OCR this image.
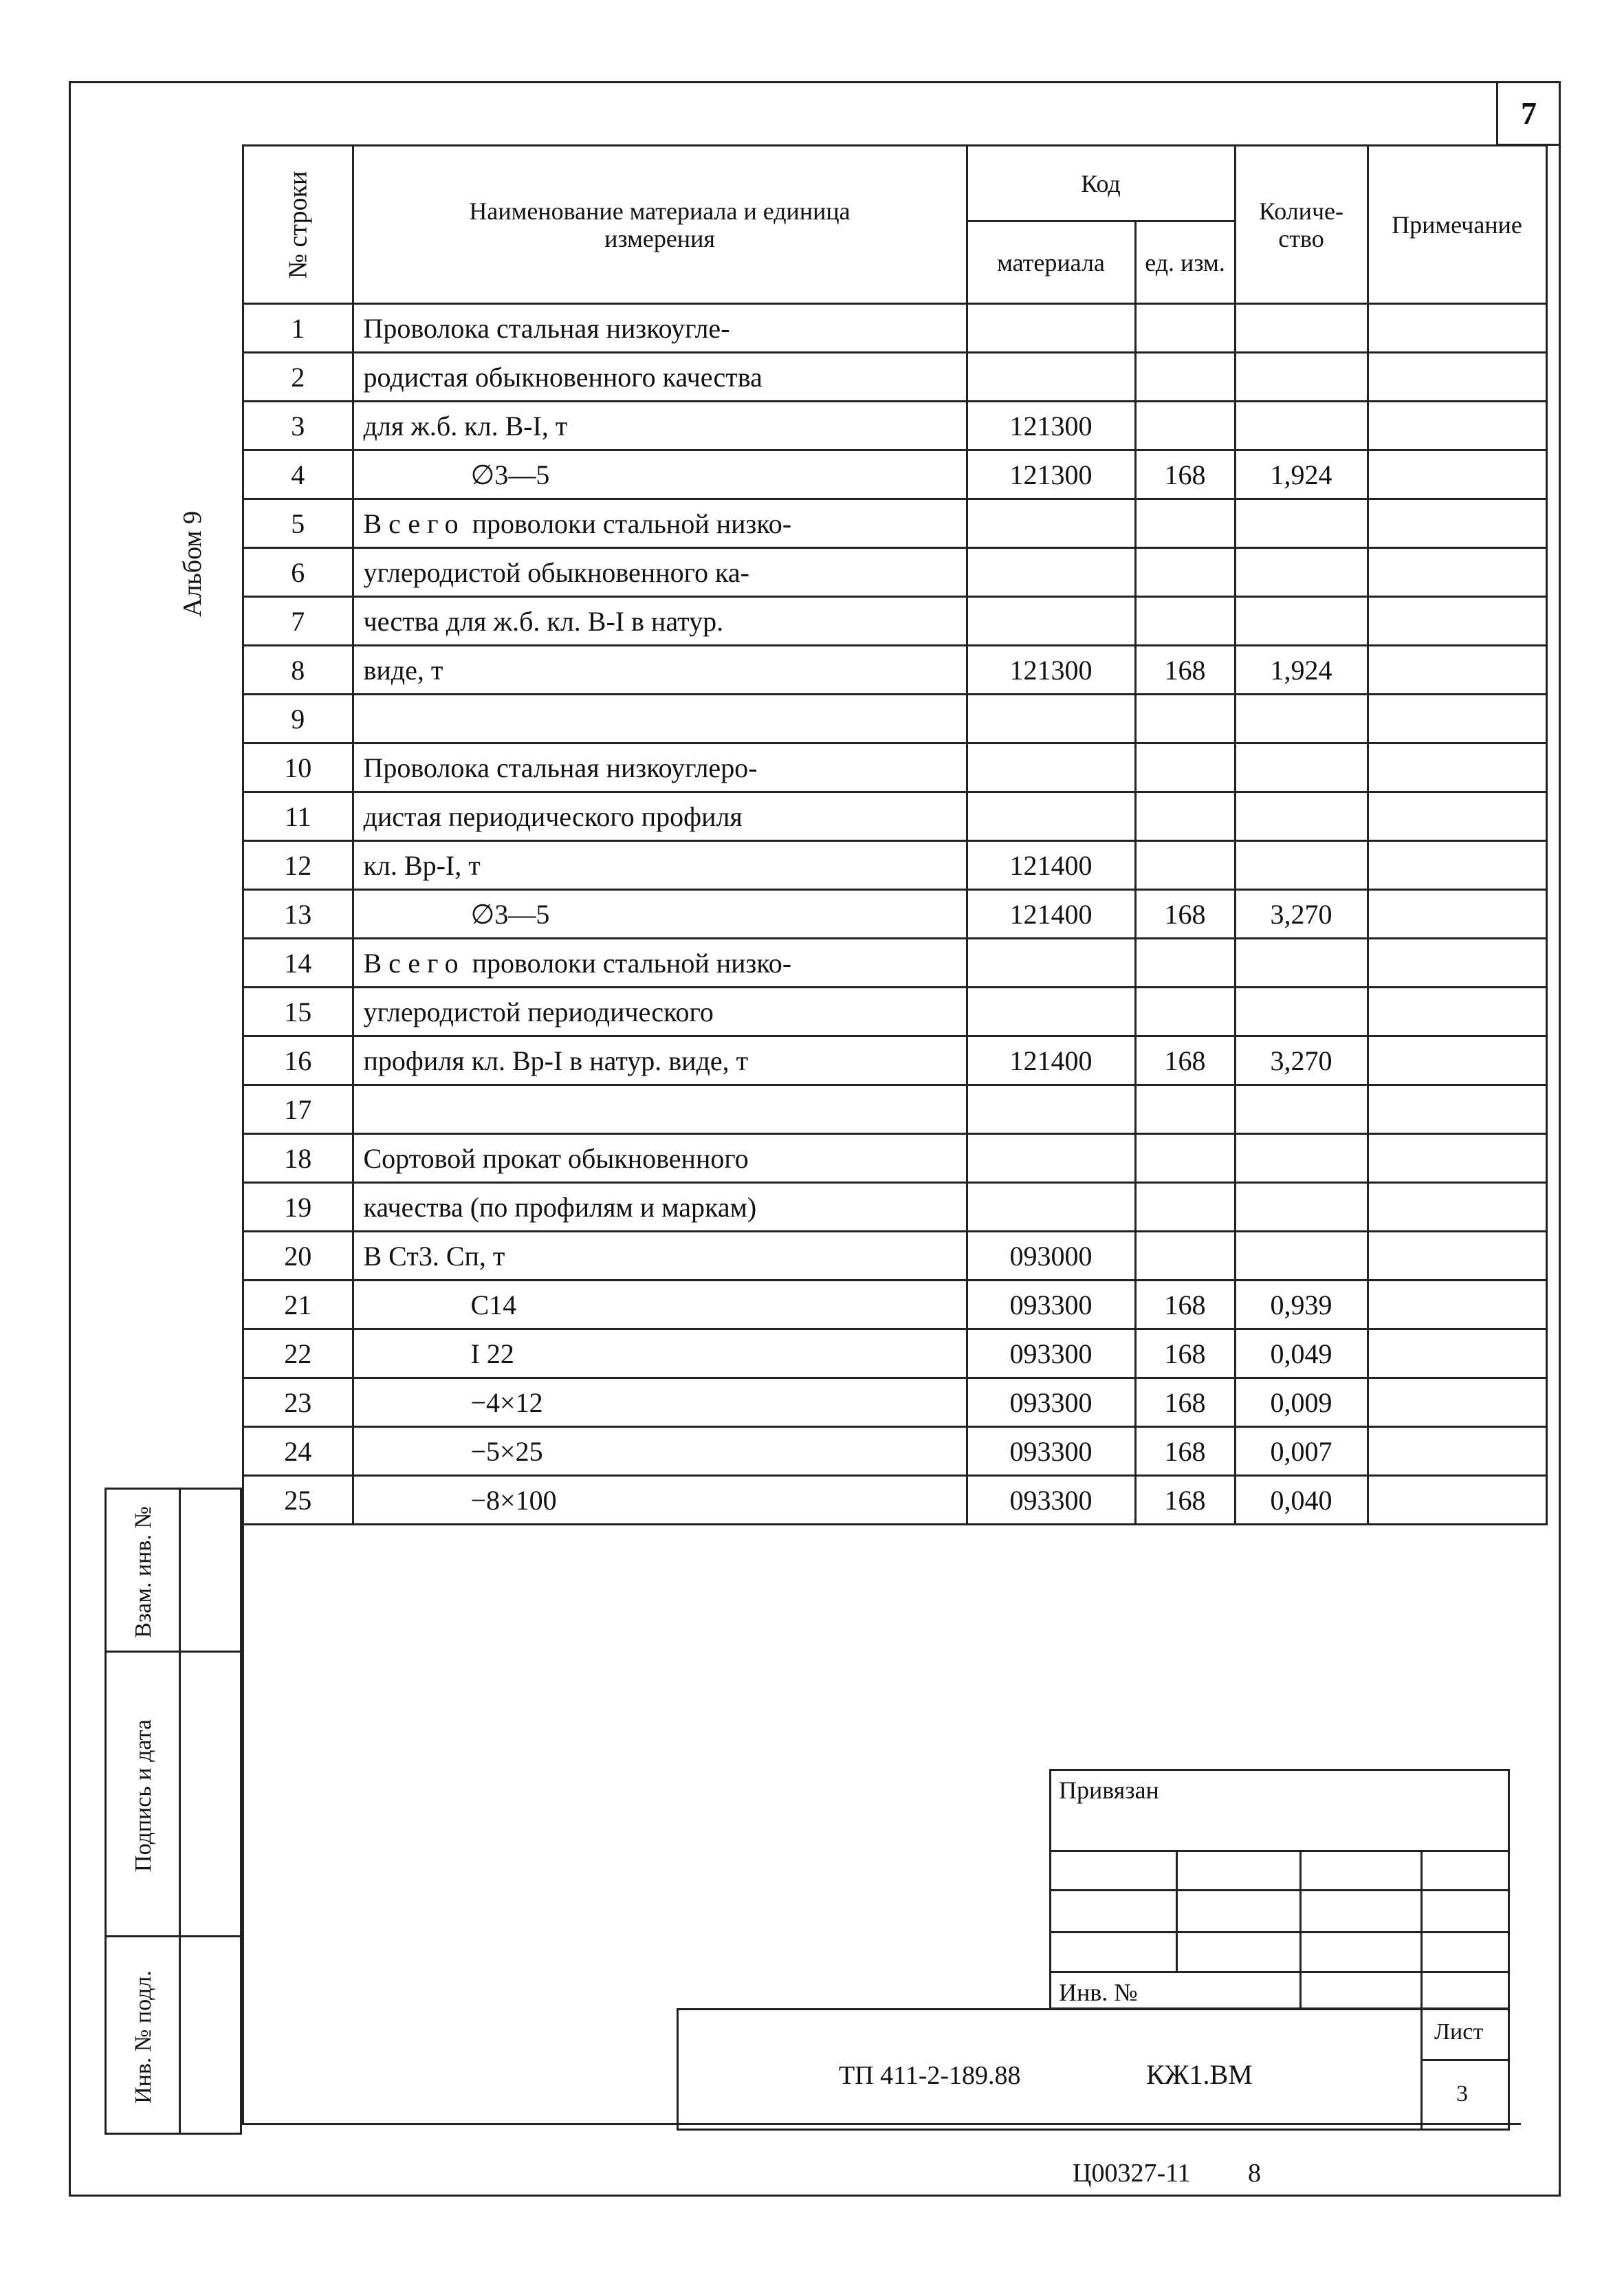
7
Альбом 9
№ строки	Наименование материала и единица измерения	Код		Количе-ство	Примечание
		материала	ед. изм.		
1	Проволока стальная низкоугле-				
2	родистая обыкновенного качества				
3	для ж.б. кл. В-I, т	121300			
4	∅3—5	121300	168	1,924	
5	Всего проволоки стальной низко-				
6	углеродистой обыкновенного ка-				
7	чества для ж.б. кл. В-I в натур.				
8	виде, т	121300	168	1,924	
9					
10	Проволока стальная низкоуглеро-				
11	дистая периодического профиля				
12	кл. Вр-I, т	121400			
13	∅3—5	121400	168	3,270	
14	Всего проволоки стальной низко-				
15	углеродистой периодического				
16	профиля кл. Вр-I в натур. виде, т	121400	168	3,270	
17					
18	Сортовой прокат обыкновенного				
19	качества (по профилям и маркам)				
20	В Ст3. Сп, т	093000			
21	С14	093300	168	0,939	
22	I 22	093300	168	0,049	
23	−4×12	093300	168	0,009	
24	−5×25	093300	168	0,007	
25	−8×100	093300	168	0,040	
Взам. инв. №
Подпись и дата
Инв. № подл.
Привязан
Инв. №
ТП 411-2-189.88	КЖ1.ВМ
Лист
3
Ц00327-11 8
